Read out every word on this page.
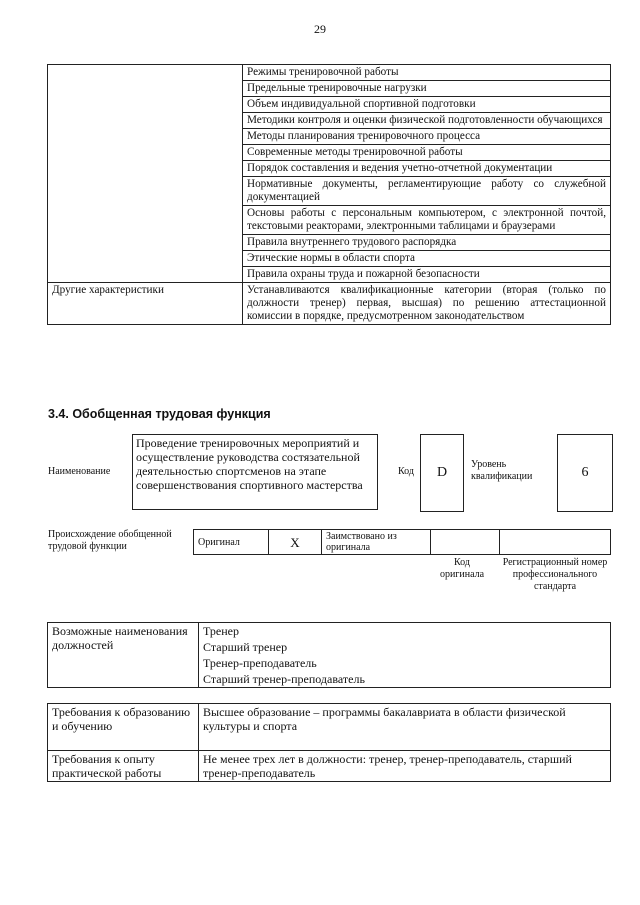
29
	Режимы тренировочной работы
	Предельные тренировочные нагрузки
	Объем индивидуальной спортивной подготовки
	Методики контроля и оценки физической подготовленности обучающихся
	Методы планирования тренировочного процесса
	Современные методы тренировочной работы
	Порядок составления и ведения учетно-отчетной документации
	Нормативные документы, регламентирующие работу со служебной документацией
	Основы работы с персональным компьютером, с электронной почтой, текстовыми реакторами, электронными таблицами и браузерами
	Правила внутреннего трудового распорядка
	Этические нормы в области спорта
	Правила охраны труда и пожарной безопасности
Другие характеристики	Устанавливаются квалификационные категории (вторая (только по должности тренер) первая, высшая) по решению аттестационной комиссии в порядке, предусмотренном законодательством
3.4. Обобщенная трудовая функция
Наименование
Проведение тренировочных мероприятий и осуществление руководства состязательной деятельностью спортсменов на этапе совершенствования спортивного мастерства
Код	D
Уровень квалификации	6
Происхождение обобщенной трудовой функции	Оригинал	X	Заимствовано из оригинала		
Код оригинала
Регистрационный номер профессионального стандарта
Возможные наименования должностей	Тренер
Старший тренер
Тренер-преподаватель
Старший тренер-преподаватель
Требования к образованию и обучению	Высшее образование – программы бакалавриата в области физической культуры и спорта
Требования к опыту практической работы	Не менее трех лет в должности: тренер, тренер-преподаватель, старший тренер-преподаватель
